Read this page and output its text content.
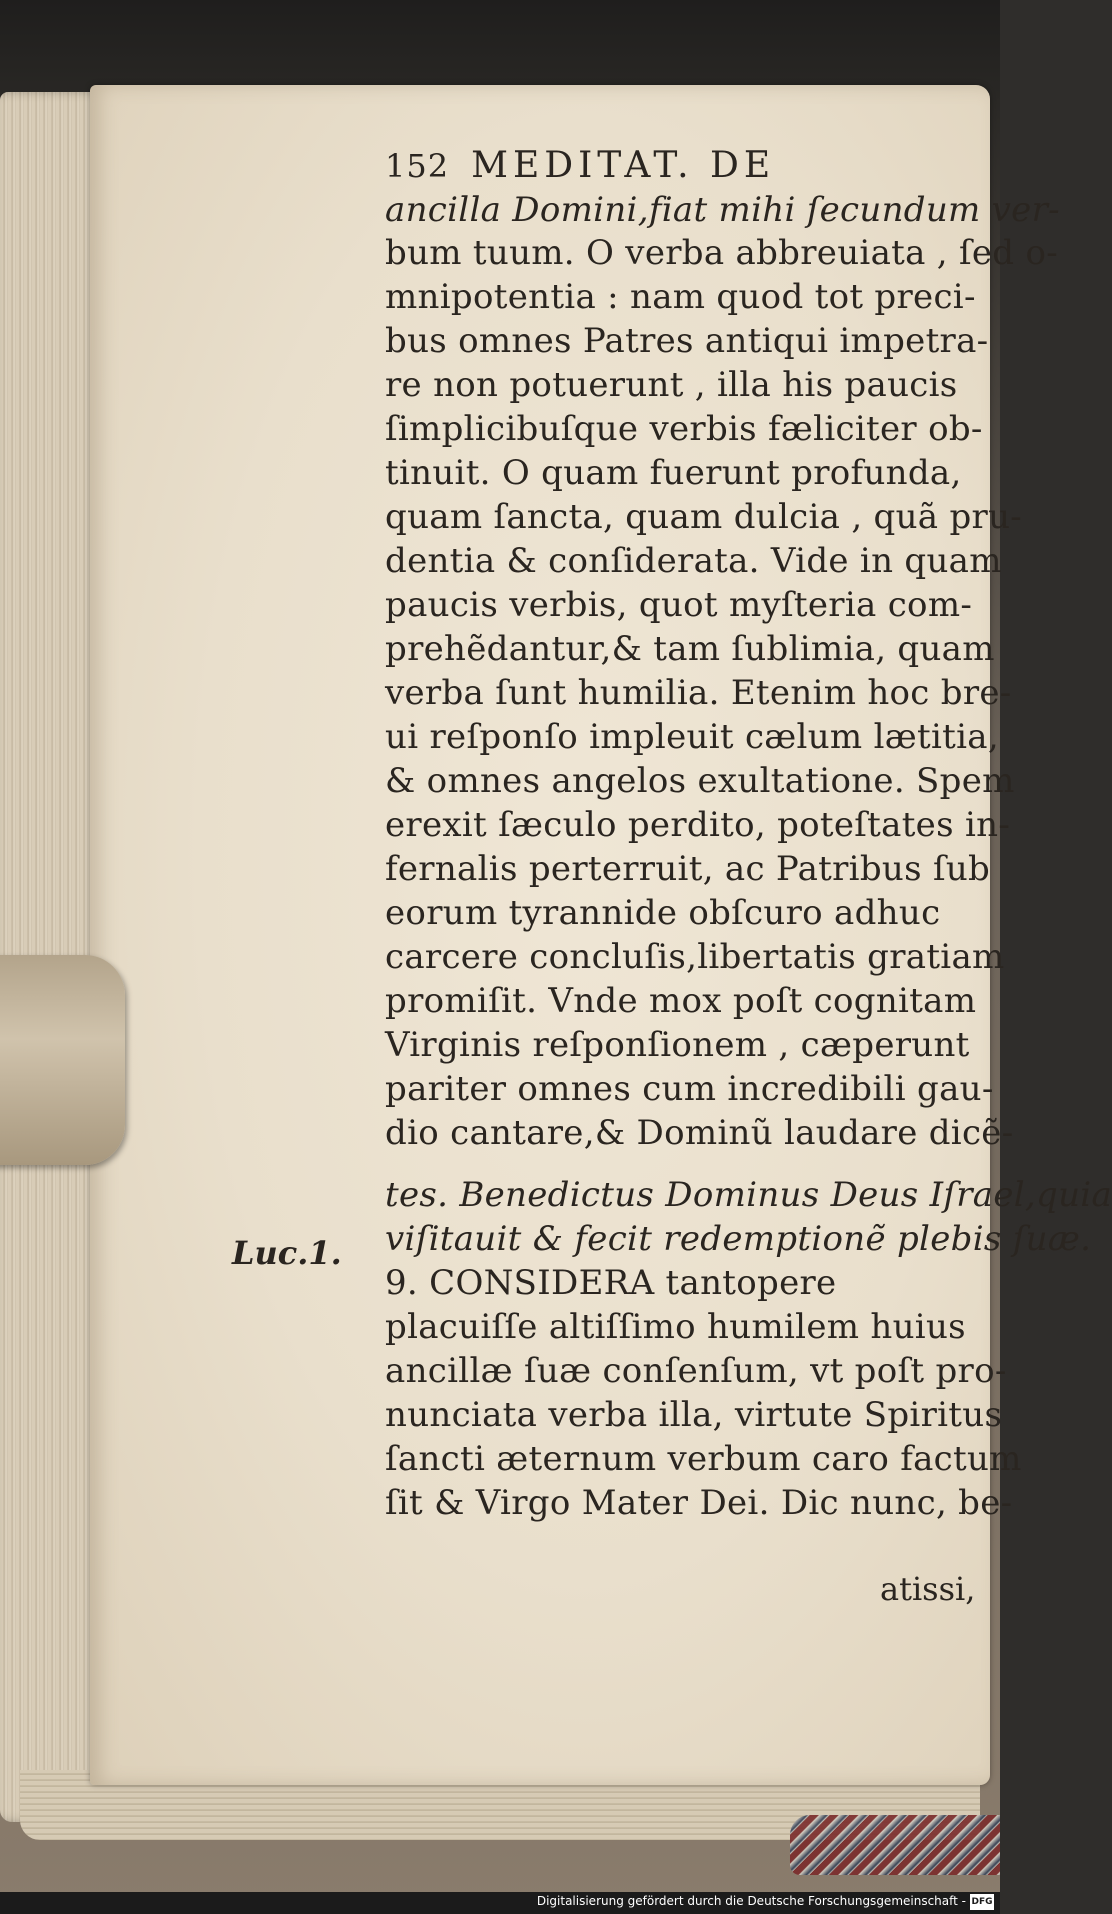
152 MEDITAT. DE

ancilla Domini,fiat mihi ſecundum ver-

bum tuum. O verba abbreuiata , ſed o-

mnipotentia : nam quod tot preci-

bus omnes Patres antiqui impetra-

re non potuerunt , illa his paucis

ſimplicibuſque verbis fæliciter ob-

tinuit. O quam fuerunt profunda,

quam ſancta, quam dulcia , quã pru-

dentia & conſiderata. Vide in quam

paucis verbis, quot myſteria com-

prehẽdantur,& tam ſublimia, quam

verba ſunt humilia. Etenim hoc bre-

ui reſponſo impleuit cælum lætitia,

& omnes angelos exultatione. Spem

erexit ſæculo perdito, poteſtates in-

fernalis perterruit, ac Patribus ſub

eorum tyrannide obſcuro adhuc

carcere concluſis,libertatis gratiam

promiſit. Vnde mox poſt cognitam

Virginis reſponſionem , cæperunt

pariter omnes cum incredibili gau-

dio cantare,& Dominũ laudare dicẽ-

tes. Benedictus Dominus Deus Iſrael,quia

viſitauit & fecit redemptionẽ plebis ſuæ.

9. CONSIDERA tantopere

placuiſſe altiſſimo humilem huius

ancillæ ſuæ conſenſum, vt poſt pro-

nunciata verba illa, virtute Spiritus

ſancti æternum verbum caro factum

ſit & Virgo Mater Dei. Dic nunc, be-

Luc.1.

atissi,

Digitalisierung gefördert durch die Deutsche Forschungsgemeinschaft - DFG
